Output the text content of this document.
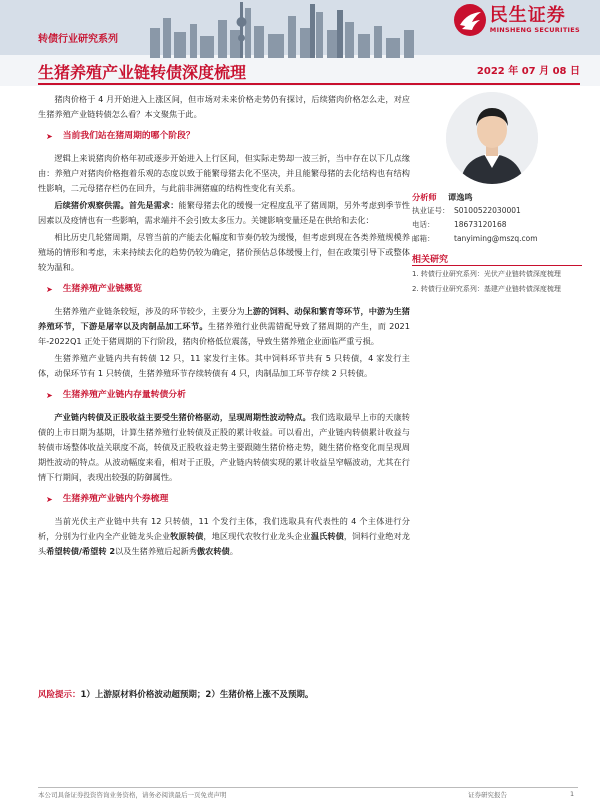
转债行业研究系列
生猪养殖产业链转债深度梳理	2022 年 07 月 08 日
民生证券
MINSHENG SECURITIES

猪肉价格于 4 月开始进入上涨区间，但市场对未来价格走势仍有探讨，后续猪肉价格怎么走，对应生猪养殖产业链转债怎么看？本文聚焦于此。

➤ 当前我们站在猪周期的哪个阶段？

逻辑上来说猪肉价格年初或逐步开始进入上行区间，但实际走势却一波三折，当中存在以下几点缘由：养殖户对猪肉价格抱着乐观的态度以致于能繁母猪去化不坚决，并且能繁母猪的去化结构也有结构性影响，二元母猪存栏仍在回升，与此前非洲猪瘟的结构性变化有关系。

后续猪价观察供需。首先是需求：能繁母猪去化的缓慢一定程度乱平了猪周期，另外考虑到季节性因素以及疫情也有一些影响，需求端并不会引致太多压力。关键影响变量还是在供给和去化：

相比历史几轮猪周期，尽管当前的产能去化幅度和节奏仍较为缓慢，但考虑到现在各类养殖规模养殖场的情形和考虑，未来持续去化的趋势仍较为确定，猪价预估总体缓慢上行，但在政策引导下或整体较为温和。

➤ 生猪养殖产业链概览

生猪养殖产业链条较短，涉及的环节较少，主要分为上游的饲料、动保和繁育等环节，中游为生猪养殖环节，下游是屠宰以及肉制品加工环节。生猪养殖行业供需错配导致了猪周期的产生，而 2021 年-2022Q1 正处于猪周期的下行阶段，猪肉价格低位震荡，导致生猪养殖企业面临严重亏损。

生猪养殖产业链内共有转债 12 只，11 家发行主体。其中饲料环节共有 5 只转债，4 家发行主体，动保环节有 1 只转债，生猪养殖环节存续转债有 4 只，肉制品加工环节存续 2 只转债。

➤ 生猪养殖产业链内存量转债分析

产业链内转债及正股收益主要受生猪价格驱动，呈现周期性波动特点。我们选取最早上市的天康转债的上市日期为基期，计算生猪养殖行业转债及正股的累计收益。可以看出，产业链内转债累计收益与转债市场整体收益关联度不高，转债及正股收益走势主要跟随生猪价格走势，随生猪价格变化而呈现周期性波动的特点。从波动幅度来看，相对于正股，产业链内转债实现的累计收益呈窄幅波动，尤其在行情下行期间，表现出较强的防御属性。

➤ 生猪养殖产业链内个券梳理

当前光伏主产业链中共有 12 只转债，11 个发行主体，我们选取具有代表性的 4 个主体进行分析，分别为行业内全产业链龙头企业牧原转债，地区现代农牧行业龙头企业温氏转债，饲料行业绝对龙头希望转债/希望转 2以及生猪养殖后起新秀傲农转债。

分析师	谭逸鸣
执业证号： S0100522030001
电话：	18673120168
邮箱：	tanyiming@mszq.com
相关研究
1. 转债行业研究系列：光伏产业链转债深度梳理
2. 转债行业研究系列：基建产业链转债深度梳理
风险提示：1）上游原材料价格波动超预期；2）生猪价格上涨不及预期。
本公司具备证券投资咨询业务资格，请务必阅读最后一页免责声明	证券研究报告	1
